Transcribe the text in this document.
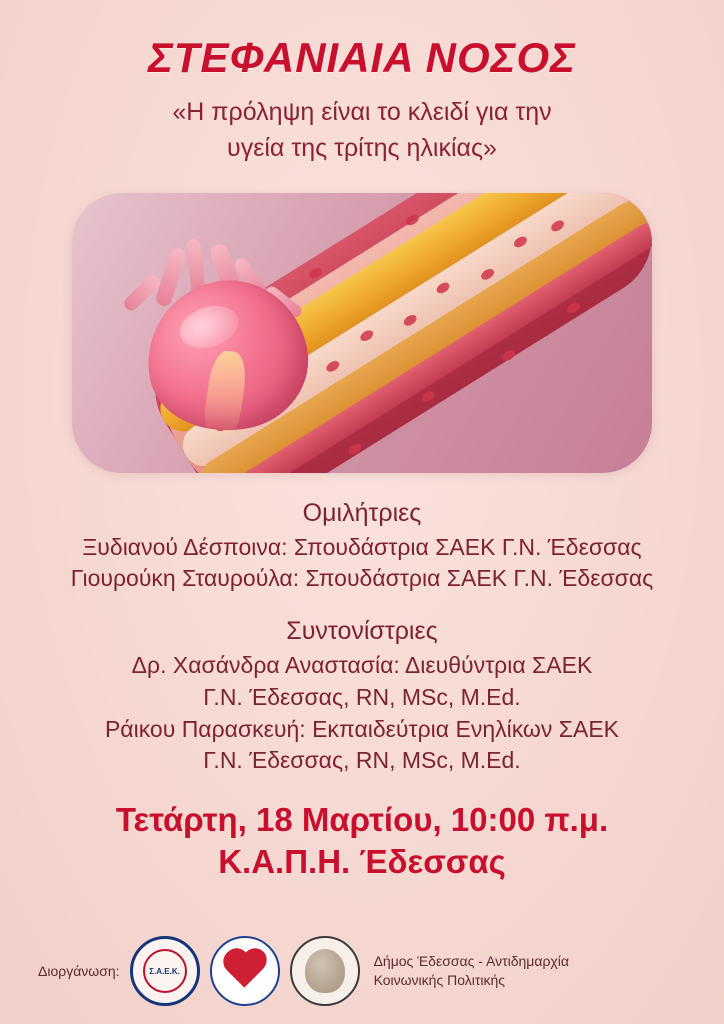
ΣΤΕΦΑΝΙΑΙΑ ΝΟΣΟΣ
«Η πρόληψη είναι το κλειδί για την
υγεία της τρίτης ηλικίας»
Ομιλήτριες
Ξυδιανού Δέσποινα: Σπουδάστρια ΣΑΕΚ Γ.Ν. Έδεσσας
Γιουρούκη Σταυρούλα: Σπουδάστρια ΣΑΕΚ Γ.Ν. Έδεσσας
Συντονίστριες
Δρ. Χασάνδρα Αναστασία: Διευθύντρια ΣΑΕΚ
Γ.Ν. Έδεσσας, RN, MSc, M.Εd.
Ράικου Παρασκευή: Εκπαιδεύτρια Ενηλίκων ΣΑΕΚ
Γ.Ν. Έδεσσας, RN, MSc, M.Εd.
Τετάρτη, 18 Μαρτίου, 10:00 π.μ.
Κ.Α.Π.Η. Έδεσσας
Διοργάνωση:	Σ.Α.Ε.Κ.
Δήμος Έδεσσας - Αντιδημαρχία
Κοινωνικής Πολιτικής
